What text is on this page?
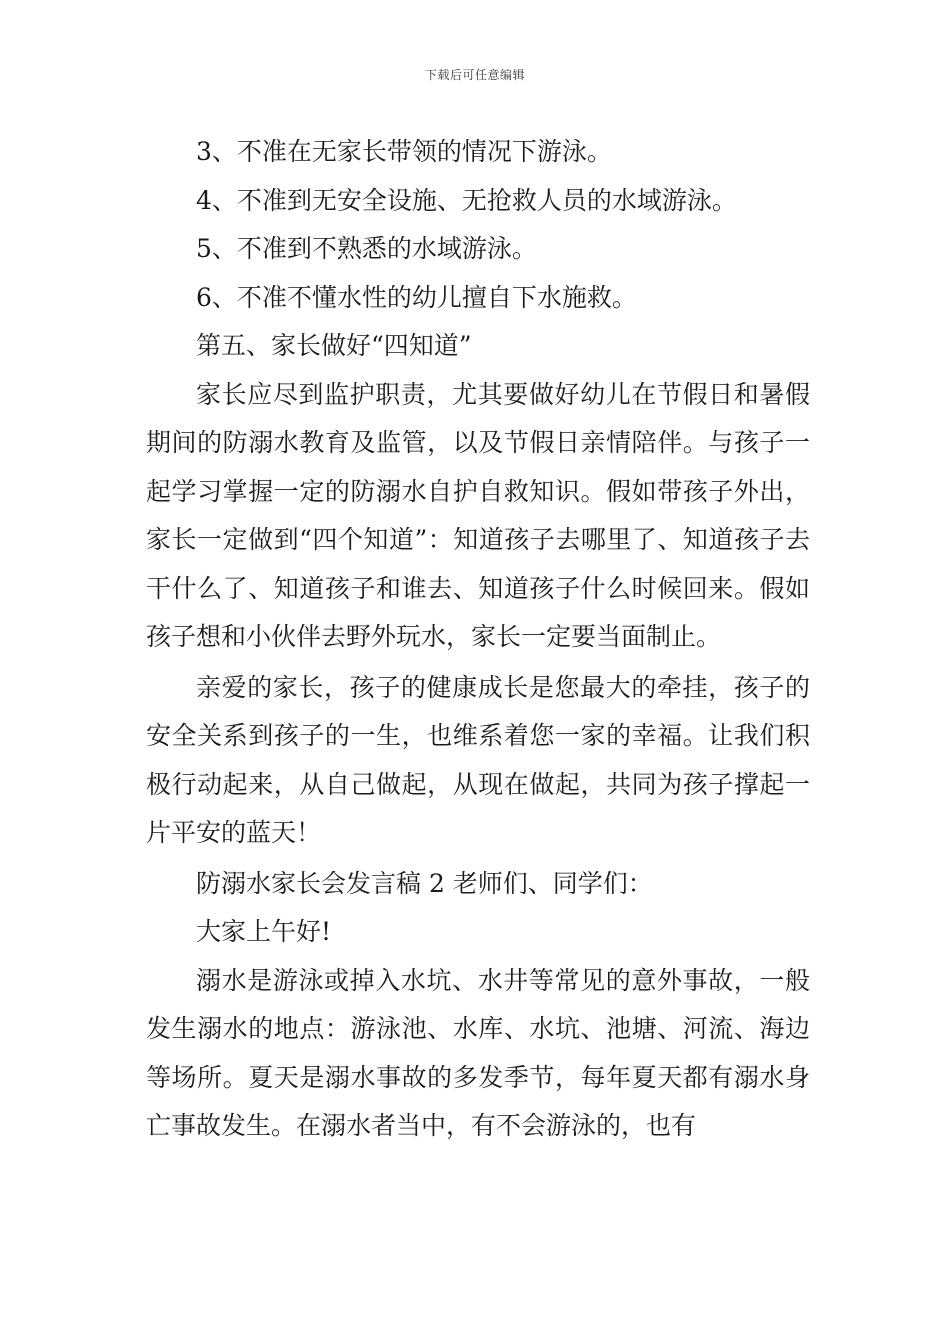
下载后可任意编辑

3、不准在无家长带领的情况下游泳。

4、不准到无安全设施、无抢救人员的水域游泳。

5、不准到不熟悉的水域游泳。

6、不准不懂水性的幼儿擅自下水施救。

第五、家长做好“四知道”

家长应尽到监护职责，尤其要做好幼儿在节假日和暑假期间的防溺水教育及监管，以及节假日亲情陪伴。与孩子一起学习掌握一定的防溺水自护自救知识。假如带孩子外出，家长一定做到“四个知道”：知道孩子去哪里了、知道孩子去干什么了、知道孩子和谁去、知道孩子什么时候回来。假如孩子想和小伙伴去野外玩水，家长一定要当面制止。

亲爱的家长，孩子的健康成长是您最大的牵挂，孩子的安全关系到孩子的一生，也维系着您一家的幸福。让我们积极行动起来，从自己做起，从现在做起，共同为孩子撑起一片平安的蓝天！

防溺水家长会发言稿 2 老师们、同学们：

大家上午好!

溺水是游泳或掉入水坑、水井等常见的意外事故，一般发生溺水的地点：游泳池、水库、水坑、池塘、河流、海边等场所。夏天是溺水事故的多发季节，每年夏天都有溺水身亡事故发生。在溺水者当中，有不会游泳的，也有
